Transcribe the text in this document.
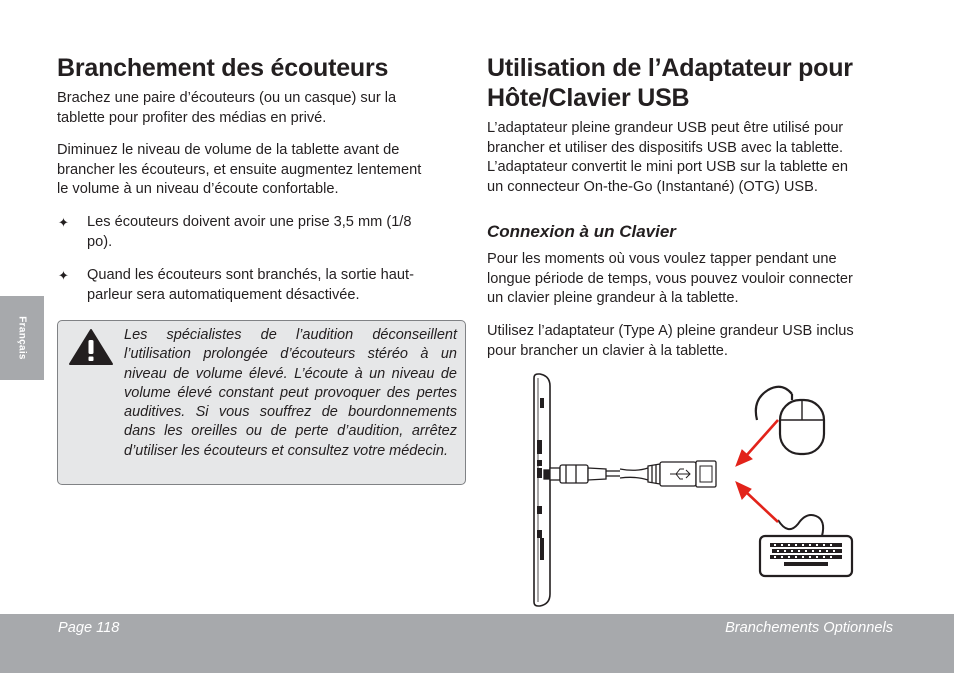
Français
Branchement des écouteurs
Brachez une paire d’écouteurs (ou un casque) sur la
tablette pour profiter des médias en privé.
Diminuez le niveau de volume de la tablette avant de
brancher les écouteurs, et ensuite augmentez lentement
le volume à un niveau d’écoute confortable.
✦	Les écouteurs doivent avoir une prise 3,5 mm (1/8
po).
✦	Quand les écouteurs sont branchés, la sortie haut-
parleur sera automatiquement désactivée.
Les spécialistes de l’audition déconseillent l’utilisation prolongée d’écouteurs stéréo à un niveau de volume élevé. L’écoute à un niveau de volume élevé constant peut provoquer des pertes auditives. Si vous souffrez de bourdonnements dans les oreilles ou de perte d’audition, arrêtez d’utiliser les écouteurs et consultez votre médecin.
Utilisation de l’Adaptateur pour
Hôte/Clavier USB
L’adaptateur pleine grandeur USB peut être utilisé pour
brancher et utiliser des dispositifs USB avec la tablette.
L’adaptateur convertit le mini port USB sur la tablette en
un connecteur On-the-Go (Instantané) (OTG) USB.
Connexion à un Clavier
Pour les moments où vous voulez tapper pendant une
longue période de temps, vous pouvez vouloir connecter
un clavier pleine grandeur à la tablette.
Utilisez l’adaptateur (Type A) pleine grandeur USB inclus
pour brancher un clavier à la tablette.
Page 118	Branchements Optionnels
